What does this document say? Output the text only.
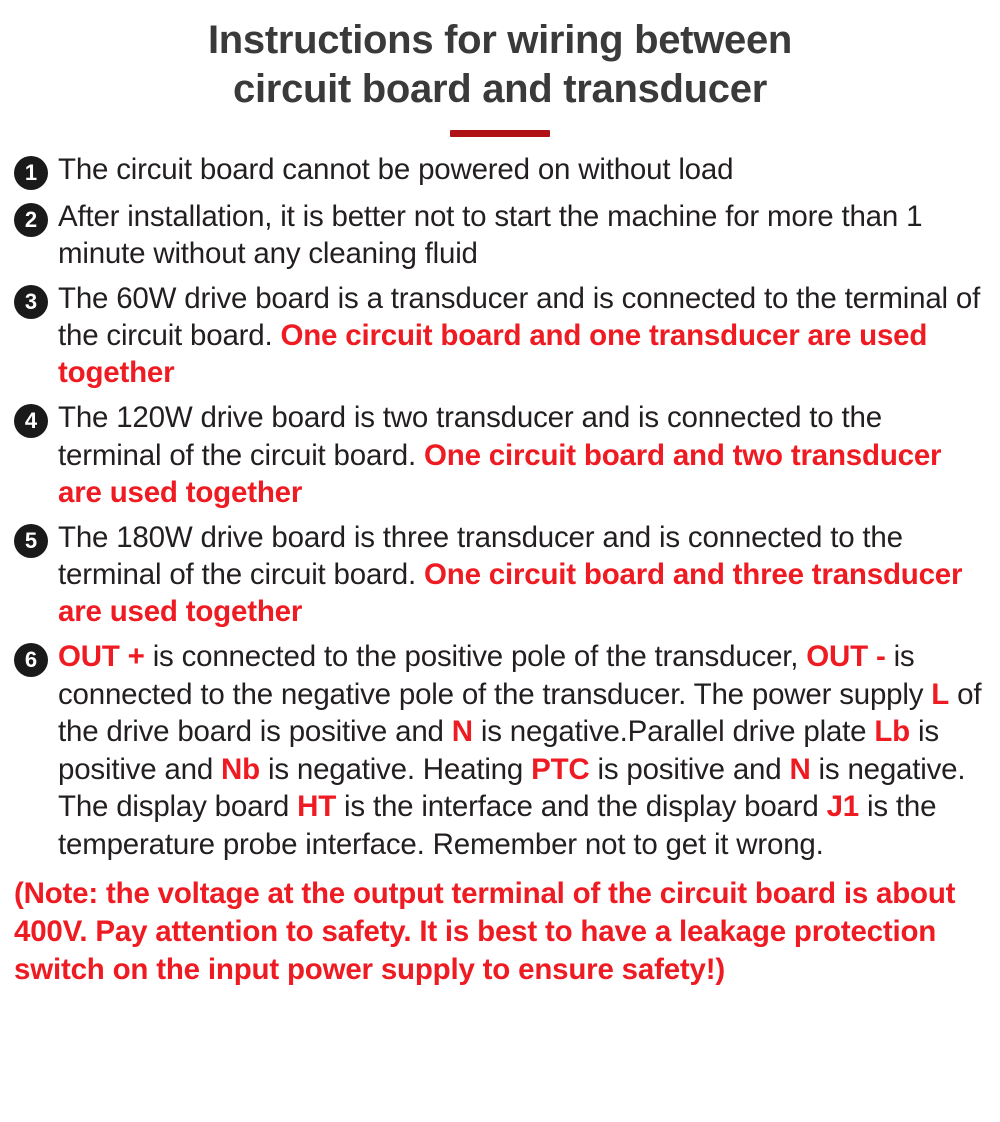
Instructions for wiring between
circuit board and transducer
1 The circuit board cannot be powered on without load
2 After installation, it is better not to start the machine for more than 1 minute without any cleaning fluid
3 The 60W drive board is a transducer and is connected to the terminal of the circuit board. One circuit board and one transducer are used together
4 The 120W drive board is two transducer and is connected to the terminal of the circuit board. One circuit board and two transducer are used together
5 The 180W drive board is three transducer and is connected to the terminal of the circuit board. One circuit board and three transducer are used together
6 OUT + is connected to the positive pole of the transducer, OUT - is connected to the negative pole of the transducer. The power supply L of the drive board is positive and N is negative.Parallel drive plate Lb is positive and Nb is negative. Heating PTC is positive and N is negative. The display board HT is the interface and the display board J1 is the temperature probe interface. Remember not to get it wrong.
(Note: the voltage at the output terminal of the circuit board is about 400V. Pay attention to safety. It is best to have a leakage protection switch on the input power supply to ensure safety!)
